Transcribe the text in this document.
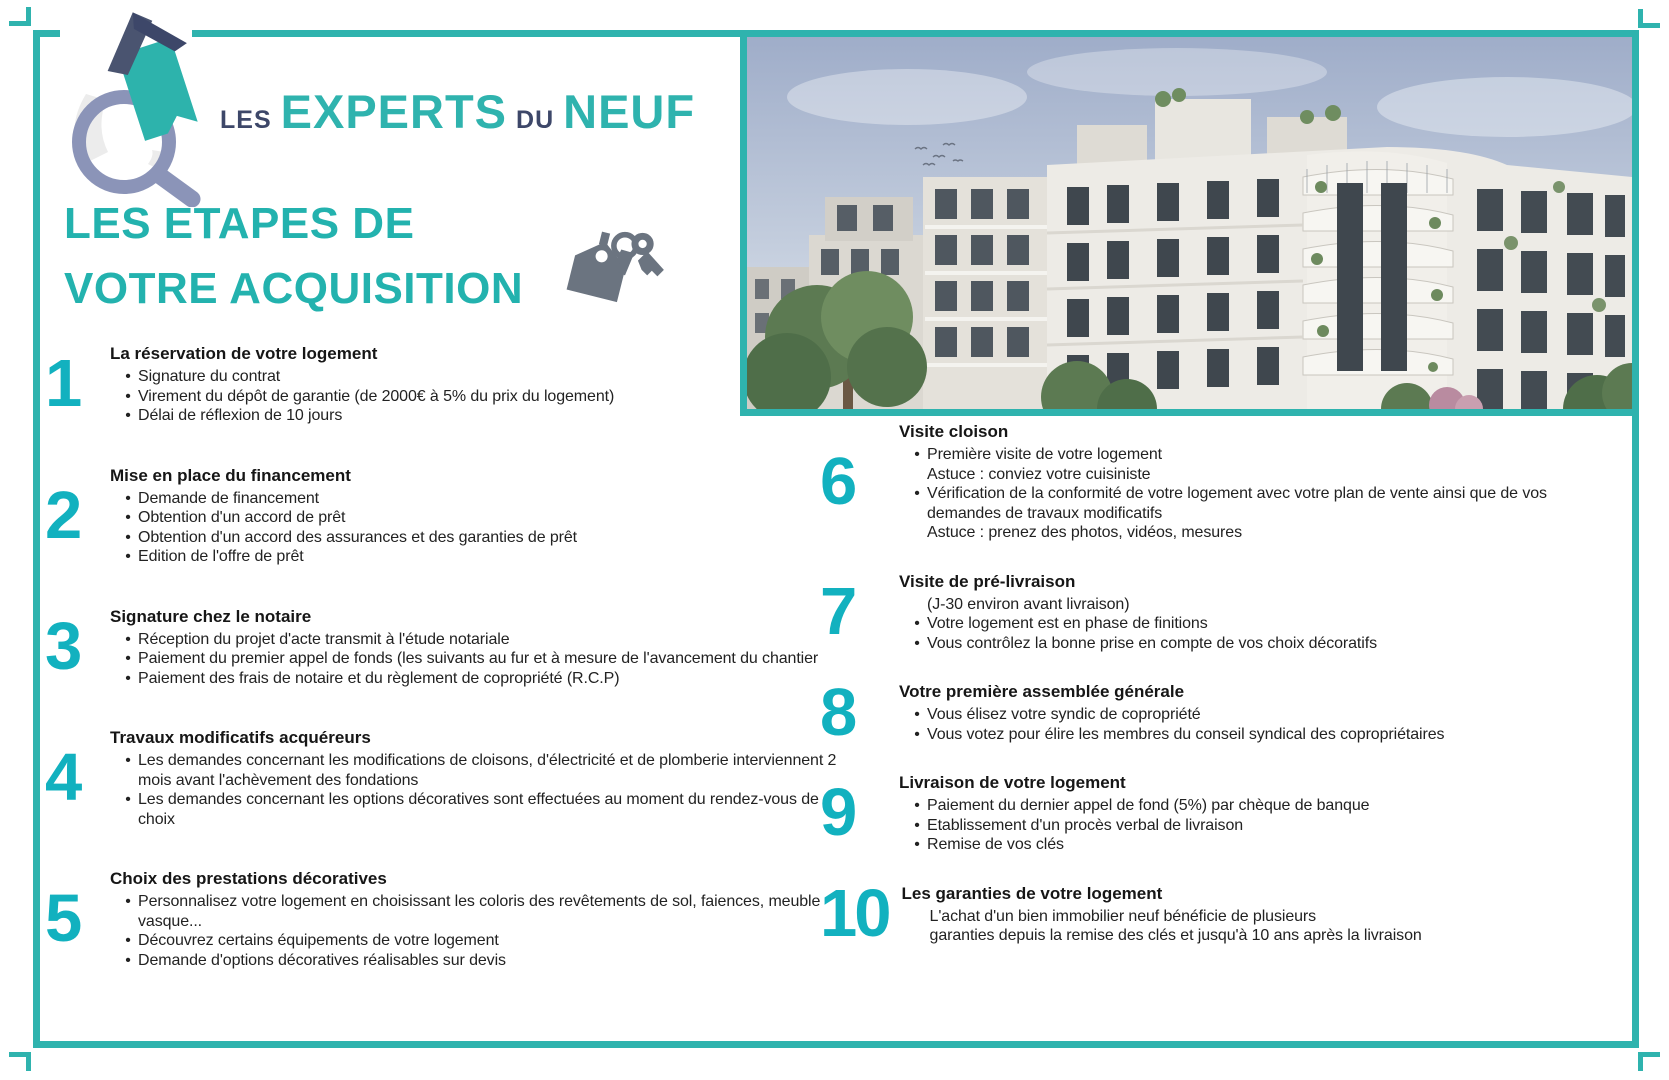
LES EXPERTS DU NEUF
LES ETAPES DE
VOTRE ACQUISITION
1	La réservation de votre logement
• Signature du contrat
• Virement du dépôt de garantie (de 2000€ à 5% du prix du logement)
• Délai de réflexion de 10 jours
2
Mise en place du financement
• Demande de financement
• Obtention d'un accord de prêt
• Obtention d'un accord des assurances et des garanties de prêt
• Edition de l'offre de prêt
3	Signature chez le notaire
• Réception du projet d'acte transmit à l'étude notariale
• Paiement du premier appel de fonds (les suivants au fur et à mesure de l'avancement du chantier
• Paiement des frais de notaire et du règlement de copropriété (R.C.P)
4
Travaux modificatifs acquéreurs
• Les demandes concernant les modifications de cloisons, d'électricité et de plomberie interviennent 2 mois avant l'achèvement des fondations
• Les demandes concernant les options décoratives sont effectuées au moment du rendez-vous de choix
5
Choix des prestations décoratives
• Personnalisez votre logement en choisissant les coloris des revêtements de sol, faiences, meuble vasque...
• Découvrez certains équipements de votre logement
• Demande d'options décoratives réalisables sur devis
6
Visite cloison
• Première visite de votre logement
Astuce : conviez votre cuisiniste
• Vérification de la conformité de votre logement avec votre plan de vente ainsi que de vos demandes de travaux modificatifs
Astuce : prenez des photos, vidéos, mesures
7	Visite de pré-livraison
(J-30 environ avant livraison)
• Votre logement est en phase de finitions
• Vous contrôlez la bonne prise en compte de vos choix décoratifs
8	Votre première assemblée générale
• Vous élisez votre syndic de copropriété
• Vous votez pour élire les membres du conseil syndical des copropriétaires
9	Livraison de votre logement
• Paiement du dernier appel de fond (5%) par chèque de banque
• Etablissement d'un procès verbal de livraison
• Remise de vos clés
10 Les garanties de votre logement
L'achat d'un bien immobilier neuf bénéficie de plusieurs
garanties depuis la remise des clés et jusqu'à 10 ans après la livraison
